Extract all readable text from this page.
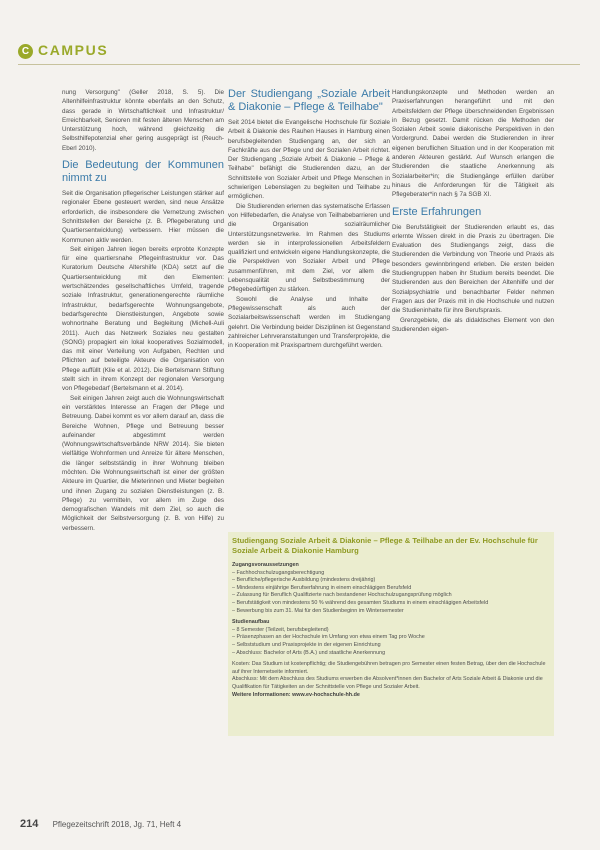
C CAMPUS

nung Versorgung" (Geller 2018, S. 5). Die Altenhilfeinfrastruktur könnte ebenfalls an den Schutz, dass gerade in Wirtschaftlichkeit und Infrastruktur/ Erreichbarkeit, Senioren mit festen älteren Menschen am Unterstützung hoch, während gleichzeitig die Selbsthilfepotenzial eher gering ausgeprägt ist (Reuch-Eberl 2010).

Die Bedeutung der Kommunen nimmt zu

Seit die Organisation pflegerischer Leistungen stärker auf regionaler Ebene gesteuert werden, sind neue Ansätze erforderlich, die insbesondere die Vernetzung zwischen Schnittstellen der Bereiche (z. B. Pflegeberatung und Quartiersentwicklung) verbessern. Hier müssen die Kommunen aktiv werden.

Seit einigen Jahren liegen bereits erprobte Konzepte für eine quartiersnahe Pflegeinfrastruktur vor. Das Kuratorium Deutsche Altershilfe (KDA) setzt auf die Quartiersentwicklung mit den Elementen: wertschätzendes gesellschaftliches Umfeld, tragende soziale Infrastruktur, generationengerechte räumliche Infrastruktur, bedarfsgerechte Wohnungsangebote, bedarfsgerechte Dienstleistungen, Angebote sowie wohnortnahe Beratung und Begleitung (Michell-Auli 2011). Auch das Netzwerk Soziales neu gestalten (SONG) propagiert ein lokal kooperatives Sozialmodell, das mit einer Verteilung von Aufgaben, Rechten und Pflichten auf beteiligte Akteure die Organisation von Pflege auffüllt (Klie et al. 2012). Die Bertelsmann Stiftung stellt sich in ihrem Konzept der regionalen Versorgung von Pflegebedarf (Bertelsmann et al. 2014).

Seit einigen Jahren zeigt auch die Wohnungswirtschaft ein verstärktes Interesse an Fragen der Pflege und Betreuung. Dabei kommt es vor allem darauf an, dass die Bereiche Wohnen, Pflege und Betreuung besser aufeinander abgestimmt werden (Wohnungswirtschaftsverbände NRW 2014). Sie bieten vielfältige Wohnformen und Anreize für ältere Menschen, die länger selbstständig in ihrer Wohnung bleiben möchten. Die Wohnungswirtschaft ist einer der größten Akteure im Quartier, die Mieterinnen und Mieter begleiten und ihnen Zugang zu sozialen Dienstleistungen (z. B. Pflege) zu vermitteln, vor allem im Zuge des demografischen Wandels mit dem Ziel, so auch die Möglichkeit der Selbstversorgung (z. B. von Hilfe) zu verbessern.

Der Studiengang „Soziale Arbeit & Diakonie – Pflege & Teilhabe"

Seit 2014 bietet die Evangelische Hochschule für Soziale Arbeit & Diakonie des Rauhen Hauses in Hamburg einen berufsbegleitenden Studiengang an, der sich an Fachkräfte aus der Pflege und der Sozialen Arbeit richtet. Der Studiengang „Soziale Arbeit & Diakonie – Pflege & Teilhabe" befähigt die Studierenden dazu, an der Schnittstelle von Sozialer Arbeit und Pflege Menschen in schwierigen Lebenslagen zu begleiten und Teilhabe zu ermöglichen.

Die Studierenden erlernen das systematische Erfassen von Hilfebedarfen, die Analyse von Teilhabebarrieren und die Organisation sozialräumlicher Unterstützungsnetzwerke. Im Rahmen des Studiums werden sie in interprofessionellen Arbeitsfeldern qualifiziert und entwickeln eigene Handlungskonzepte, die die Perspektiven von Sozialer Arbeit und Pflege zusammenführen, mit dem Ziel, vor allem die Lebensqualität und Selbstbestimmung der Pflegebedürftigen zu stärken.

Sowohl die Analyse und Inhalte der Pflegewissenschaft als auch der Sozialarbeitswissenschaft werden im Studiengang gelehrt. Die Verbindung beider Disziplinen ist Gegenstand zahlreicher Lehrveranstaltungen und Transferprojekte, die in Kooperation mit Praxispartnern durchgeführt werden.

Handlungskonzepte und Methoden werden an Praxiserfahrungen herangeführt und mit den Arbeitsfeldern der Pflege überschneidenden Ergebnissen in Bezug gesetzt. Damit rücken die Methoden der Sozialen Arbeit sowie diakonische Perspektiven in den Vordergrund. Dabei werden die Studierenden in ihrer eigenen beruflichen Situation und in der Kooperation mit anderen Akteuren gestärkt. Auf Wunsch erlangen die Studierenden die staatliche Anerkennung als Sozialarbeiter*in; die Studiengänge erfüllen darüber hinaus die Anforderungen für die Tätigkeit als Pflegeberater*in nach § 7a SGB XI.

Erste Erfahrungen

Die Berufstätigkeit der Studierenden erlaubt es, das erlernte Wissen direkt in die Praxis zu übertragen. Die Evaluation des Studiengangs zeigt, dass die Studierenden die Verbindung von Theorie und Praxis als besonders gewinnbringend erleben. Die ersten beiden Studiengruppen haben ihr Studium bereits beendet. Die Studierenden aus den Bereichen der Altenhilfe und der Sozialpsychiatrie und benachbarter Felder nehmen Fragen aus der Praxis mit in die Hochschule und nutzen die Studieninhalte für ihre Berufspraxis.

Grenzgebiete, die als didaktisches Element von den Studierenden eigen-

Studiengang Soziale Arbeit & Diakonie – Pflege & Teilhabe an der Ev. Hochschule für Soziale Arbeit & Diakonie Hamburg
Zugangsvoraussetzungen
– Fachhochschulzugangsberechtigung
– Berufliche/pflegerische Ausbildung (mindestens dreijährig)
– Mindestens einjährige Berufserfahrung in einem einschlägigen Berufsfeld
– Zulassung für Beruflich Qualifizierte nach bestandener Hochschulzugangsprüfung möglich
– Berufstätigkeit von mindestens 50 % während des gesamten Studiums in einem einschlägigen Arbeitsfeld
– Bewerbung bis zum 31. Mai für den Studienbeginn im Wintersemester
Studienaufbau
– 8 Semester (Teilzeit, berufsbegleitend)
– Präsenzphasen an der Hochschule im Umfang von etwa einem Tag pro Woche
– Selbststudium und Praxisprojekte in der eigenen Einrichtung
– Abschluss: Bachelor of Arts (B.A.) und staatliche Anerkennung

Kosten: Das Studium ist kostenpflichtig; die Studiengebühren betragen pro Semester einen festen Betrag, über den die Hochschule auf ihrer Internetseite informiert.

Abschluss: Mit dem Abschluss des Studiums erwerben die Absolvent*innen den Bachelor of Arts Soziale Arbeit & Diakonie und die Qualifikation für Tätigkeiten an der Schnittstelle von Pflege und Sozialer Arbeit.

Weitere Informationen: www.ev-hochschule-hh.de

214 Pflegezeitschrift 2018, Jg. 71, Heft 4
